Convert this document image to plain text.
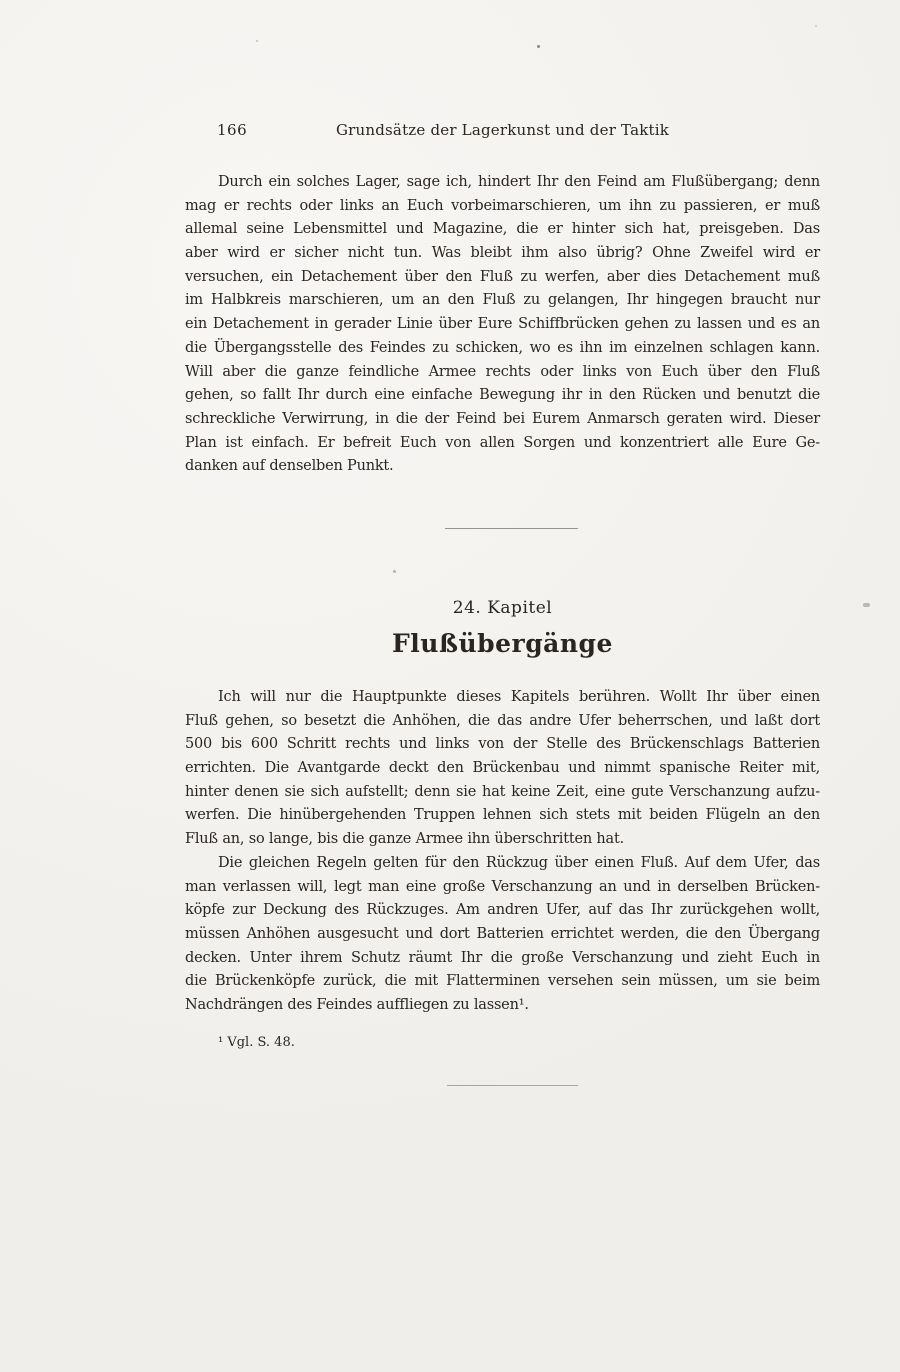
166	Grundsätze der Lagerkunst und der Taktik
Durch ein solches Lager, sage ich, hindert Ihr den Feind am Flußübergang; denn
mag er rechts oder links an Euch vorbeimarschieren, um ihn zu passieren, er muß
allemal seine Lebensmittel und Magazine, die er hinter sich hat, preisgeben. Das
aber wird er sicher nicht tun. Was bleibt ihm also übrig? Ohne Zweifel wird er
versuchen, ein Detachement über den Fluß zu werfen, aber dies Detachement muß
im Halbkreis marschieren, um an den Fluß zu gelangen, Ihr hingegen braucht nur
ein Detachement in gerader Linie über Eure Schiffbrücken gehen zu lassen und es an
die Übergangsstelle des Feindes zu schicken, wo es ihn im einzelnen schlagen kann.
Will aber die ganze feindliche Armee rechts oder links von Euch über den Fluß
gehen, so fallt Ihr durch eine einfache Bewegung ihr in den Rücken und benutzt die
schreckliche Verwirrung, in die der Feind bei Eurem Anmarsch geraten wird. Dieser
Plan ist einfach. Er befreit Euch von allen Sorgen und konzentriert alle Eure Ge-
danken auf denselben Punkt.
24. Kapitel
Flußübergänge
Ich will nur die Hauptpunkte dieses Kapitels berühren. Wollt Ihr über einen
Fluß gehen, so besetzt die Anhöhen, die das andre Ufer beherrschen, und laßt dort
500 bis 600 Schritt rechts und links von der Stelle des Brückenschlags Batterien
errichten. Die Avantgarde deckt den Brückenbau und nimmt spanische Reiter mit,
hinter denen sie sich aufstellt; denn sie hat keine Zeit, eine gute Verschanzung aufzu-
werfen. Die hinübergehenden Truppen lehnen sich stets mit beiden Flügeln an den
Fluß an, so lange, bis die ganze Armee ihn überschritten hat.
Die gleichen Regeln gelten für den Rückzug über einen Fluß. Auf dem Ufer, das
man verlassen will, legt man eine große Verschanzung an und in derselben Brücken-
köpfe zur Deckung des Rückzuges. Am andren Ufer, auf das Ihr zurückgehen wollt,
müssen Anhöhen ausgesucht und dort Batterien errichtet werden, die den Übergang
decken. Unter ihrem Schutz räumt Ihr die große Verschanzung und zieht Euch in
die Brückenköpfe zurück, die mit Flatterminen versehen sein müssen, um sie beim
Nachdrängen des Feindes auffliegen zu lassen¹.
¹ Vgl. S. 48.
